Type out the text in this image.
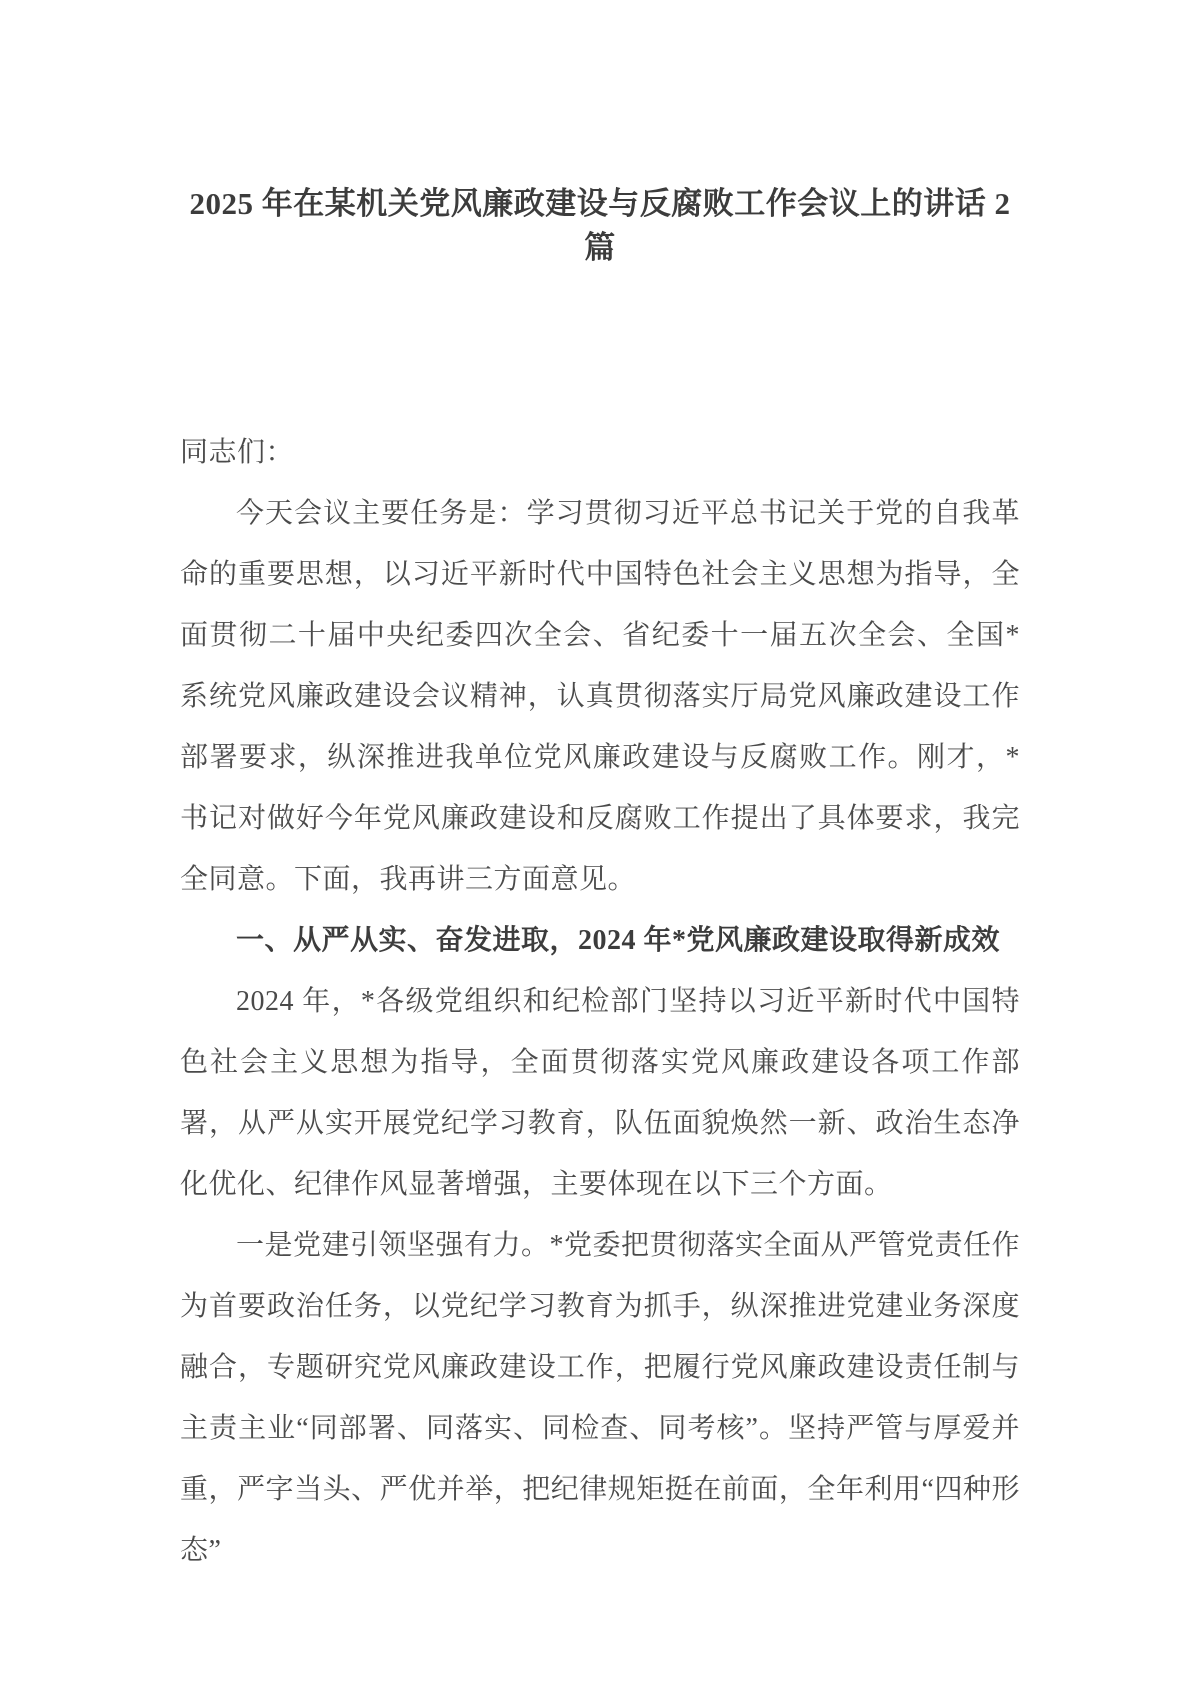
2025 年在某机关党风廉政建设与反腐败工作会议上的讲话 2 篇

同志们：

今天会议主要任务是：学习贯彻习近平总书记关于党的自我革命的重要思想，以习近平新时代中国特色社会主义思想为指导，全面贯彻二十届中央纪委四次全会、省纪委十一届五次全会、全国*系统党风廉政建设会议精神，认真贯彻落实厅局党风廉政建设工作部署要求，纵深推进我单位党风廉政建设与反腐败工作。刚才，*书记对做好今年党风廉政建设和反腐败工作提出了具体要求，我完全同意。下面，我再讲三方面意见。

一、从严从实、奋发进取，2024 年*党风廉政建设取得新成效

2024 年，*各级党组织和纪检部门坚持以习近平新时代中国特色社会主义思想为指导，全面贯彻落实党风廉政建设各项工作部署，从严从实开展党纪学习教育，队伍面貌焕然一新、政治生态净化优化、纪律作风显著增强，主要体现在以下三个方面。

一是党建引领坚强有力。*党委把贯彻落实全面从严管党责任作为首要政治任务，以党纪学习教育为抓手，纵深推进党建业务深度融合，专题研究党风廉政建设工作，把履行党风廉政建设责任制与主责主业“同部署、同落实、同检查、同考核”。坚持严管与厚爱并重，严字当头、严优并举，把纪律规矩挺在前面，全年利用“四种形态”
